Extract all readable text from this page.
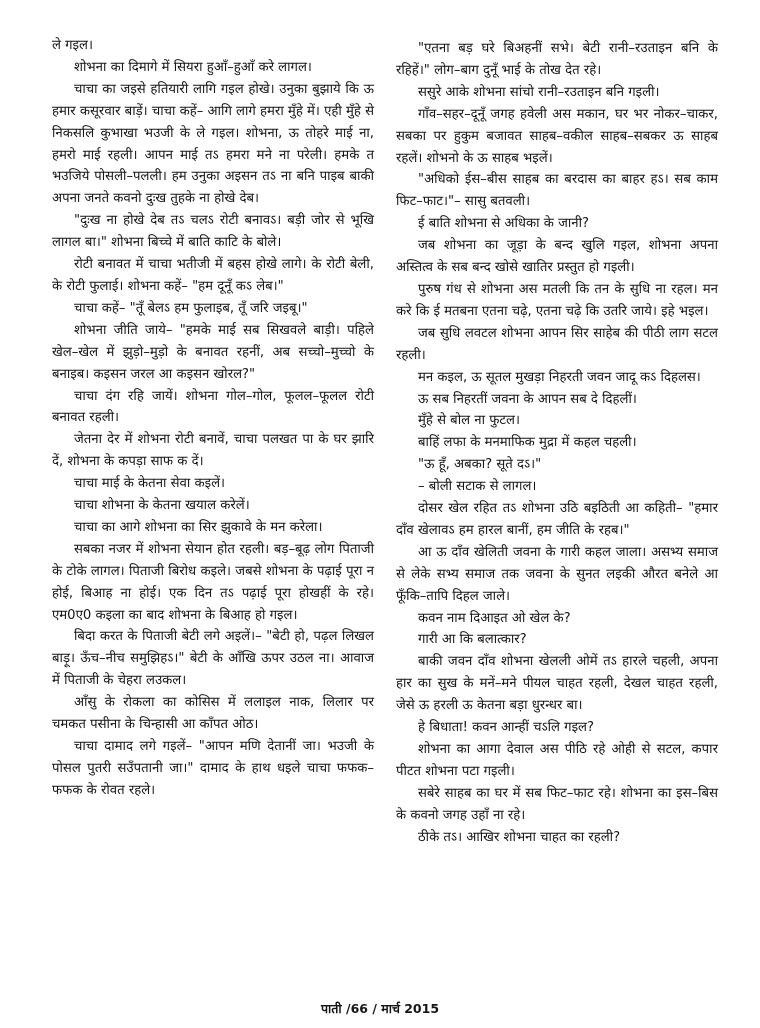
ले गइल।

शोभना का दिमागे में सियरा हुआँ–हुआँ करे लागल।

चाचा का जइसे हतियारी लागि गइल होखे। उनुका बुझाये कि ऊ हमार कसूरवार बाड़ें। चाचा कहें– आगि लागे हमरा मुँहे में। एही मुँहे से निकसलि कुभाखा भउजी के ले गइल। शोभना, ऊ तोहरे माई ना, हमरो माई रहली। आपन माई तऽ हमरा मने ना परेली। हमके त भउजिये पोसली–पलली। हम उनुका अइसन तऽ ना बनि पाइब बाकी अपना जनते कवनो दुःख तुहके ना होखे देब।

"दुःख ना होखे देब तऽ चलऽ रोटी बनावऽ। बड़ी जोर से भूखि लागल बा।" शोभना बिच्चे में बाति काटि के बोले।

रोटी बनावत में चाचा भतीजी में बहस होखे लागे। के रोटी बेली, के रोटी फुलाई। शोभना कहें– "हम दूनूँ कऽ लेब।"

चाचा कहें– "तूँ बेलऽ हम फुलाइब, तूँ जरि जइबू।"

शोभना जीति जाये– "हमके माई सब सिखवले बाड़ी। पहिले खेल–खेल में झुड़ो–मुड़ो के बनावत रहनीं, अब सच्चो–मुच्चो के बनाइब। कइसन जरल आ कइसन खोरल?"

चाचा दंग रहि जायें। शोभना गोल–गोल, फूलल–फूलल रोटी बनावत रहली।

जेतना देर में शोभना रोटी बनावें, चाचा पलखत पा के घर झारि दें, शोभना के कपड़ा साफ क दें।

चाचा माई के केतना सेवा कइलें।

चाचा शोभना के केतना खयाल करेलें।

चाचा का आगे शोभना का सिर झुकावे के मन करेला।

सबका नजर में शोभना सेयान होत रहली। बड़–बूढ़ लोग पिताजी के टोके लागल। पिताजी बिरोध कइले। जबसे शोभना के पढ़ाई पूरा न होई, बिआह ना होई। एक दिन तऽ पढ़ाई पूरा होखहीं के रहे। एम0ए0 कइला का बाद शोभना के बिआह हो गइल।

बिदा करत के पिताजी बेटी लगे अइलें।– "बेटी हो, पढ़ल लिखल बाड़ू। ऊँच–नीच समुझिहऽ।" बेटी के आँखि ऊपर उठल ना। आवाज में पिताजी के चेहरा लउकल।

आँसु के रोकला का कोसिस में ललाइल नाक, लिलार पर चमकत पसीना के चिन्हासी आ काँपत ओठ।

चाचा दामाद लगे गइलें– "आपन मणि देतानीं जा। भउजी के पोसल पुतरी सउँपतानी जा।" दामाद के हाथ धइले चाचा फफक–फफक के रोवत रहले।

"एतना बड़ घरे बिअहनीं सभे। बेटी रानी–रउताइन बनि के रहिहें।" लोग–बाग दुनूँ भाई के तोख देत रहे।

ससुरे आके शोभना सांचो रानी–रउताइन बनि गइली।

गाँव–सहर–दूनूँ जगह हवेली अस मकान, घर भर नोकर–चाकर, सबका पर हुकुम बजावत साहब–वकील साहब–सबकर ऊ साहब रहलें। शोभनो के ऊ साहब भइलें।

"अधिको ईस–बीस साहब का बरदास का बाहर हऽ। सब काम फिट–फाट।"– सासु बतवली।

ई बाति शोभना से अधिका के जानी?

जब शोभना का जूड़ा के बन्द खुलि गइल, शोभना अपना अस्तित्व के सब बन्द खोसे खातिर प्रस्तुत हो गइली।

पुरुष गंध से शोभना अस मतली कि तन के सुधि ना रहल। मन करे कि ई मतबना एतना चढ़े, एतना चढ़े कि उतरि जाये। इहे भइल।

जब सुधि लवटल शोभना आपन सिर साहेब की पीठी लाग सटल रहली।

मन कइल, ऊ सूतल मुखड़ा निहरती जवन जादू कऽ दिहलस।

ऊ सब निहरतीं जवना के आपन सब दे दिहलीं।

मुँहे से बोल ना फुटल।

बाहिं लफा के मनमाफिक मुद्रा में कहल चहली।

"ऊ हूँ, अबका? सूते दऽ।"

– बोली सटाक से लागल।

दोसर खेल रहित तऽ शोभना उठि बइठिती आ कहिती– "हमार दाँव खेलावऽ हम हारल बानीं, हम जीति के रहब।"

आ ऊ दाँव खेलिती जवना के गारी कहल जाला। असभ्य समाज से लेके सभ्य समाज तक जवना के सुनत लइकी औरत बनेले आ फूँकि–तापि दिहल जाले।

कवन नाम दिआइत ओ खेल के?

गारी आ कि बलात्कार?

बाकी जवन दाँव शोभना खेलली ओमें तऽ हारले चहली, अपना हार का सुख के मनें–मने पीयल चाहत रहली, देखल चाहत रहली, जेसे ऊ हरली ऊ केतना बड़ा धुरन्धर बा।

हे बिधाता! कवन आन्हीं चऽलि गइल?

शोभना का आगा देवाल अस पीठि रहे ओही से सटल, कपार पीटत शोभना पटा गइली।

सबेरे साहब का घर में सब फिट–फाट रहे। शोभना का इस–बिस के कवनो जगह उहाँ ना रहे।

ठीके तऽ। आखिर शोभना चाहत का रहली?

पाती /66 / मार्च 2015
